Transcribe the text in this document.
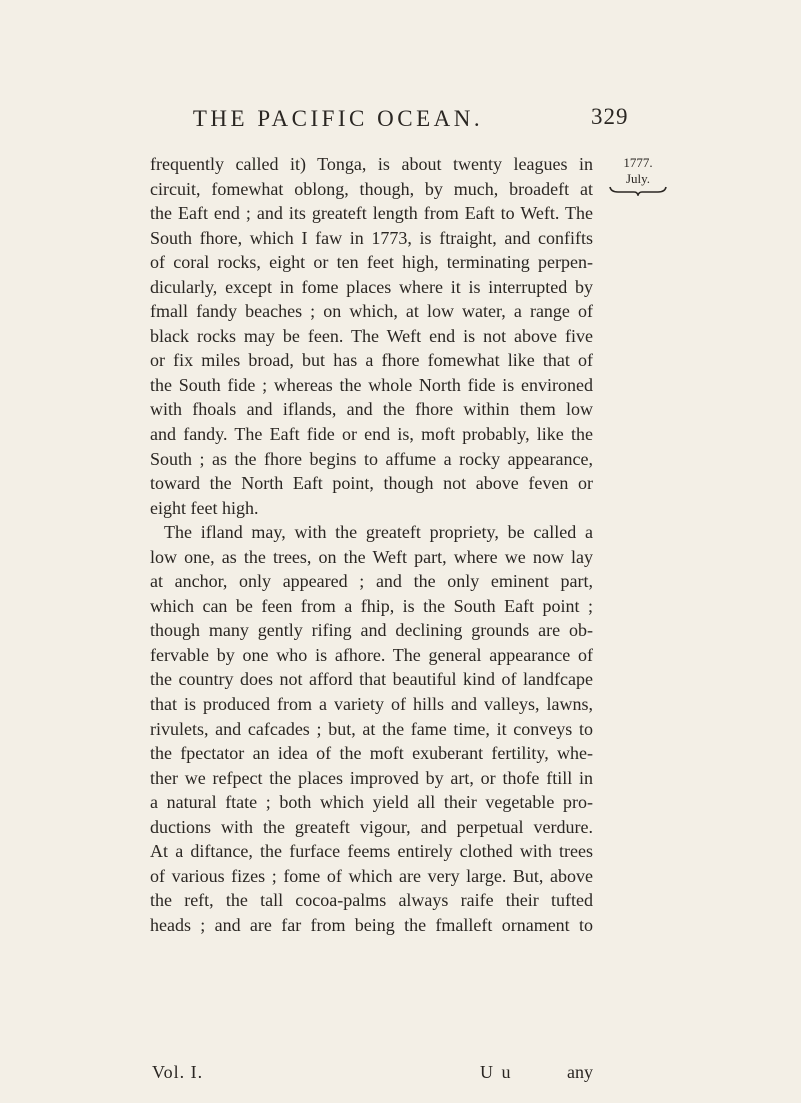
THE PACIFIC OCEAN.	329
1777.
July.
frequently called it) Tonga, is about twenty leagues in
circuit, fomewhat oblong, though, by much, broadeft at
the Eaft end ; and its greateft length from Eaft to Weft. The
South fhore, which I faw in 1773, is ftraight, and confifts
of coral rocks, eight or ten feet high, terminating perpen-
dicularly, except in fome places where it is interrupted by
fmall fandy beaches ; on which, at low water, a range of
black rocks may be feen. The Weft end is not above five
or fix miles broad, but has a fhore fomewhat like that of
the South fide ; whereas the whole North fide is environed
with fhoals and iflands, and the fhore within them low
and fandy. The Eaft fide or end is, moft probably, like the
South ; as the fhore begins to affume a rocky appearance,
toward the North Eaft point, though not above feven or
eight feet high.
The ifland may, with the greateft propriety, be called a
low one, as the trees, on the Weft part, where we now lay
at anchor, only appeared ; and the only eminent part,
which can be feen from a fhip, is the South Eaft point ;
though many gently rifing and declining grounds are ob-
fervable by one who is afhore. The general appearance of
the country does not afford that beautiful kind of landfcape
that is produced from a variety of hills and valleys, lawns,
rivulets, and cafcades ; but, at the fame time, it conveys to
the fpectator an idea of the moft exuberant fertility, whe-
ther we refpect the places improved by art, or thofe ftill in
a natural ftate ; both which yield all their vegetable pro-
ductions with the greateft vigour, and perpetual verdure.
At a diftance, the furface feems entirely clothed with trees
of various fizes ; fome of which are very large. But, above
the reft, the tall cocoa-palms always raife their tufted
heads ; and are far from being the fmalleft ornament to
Vol. I.	U u	any
